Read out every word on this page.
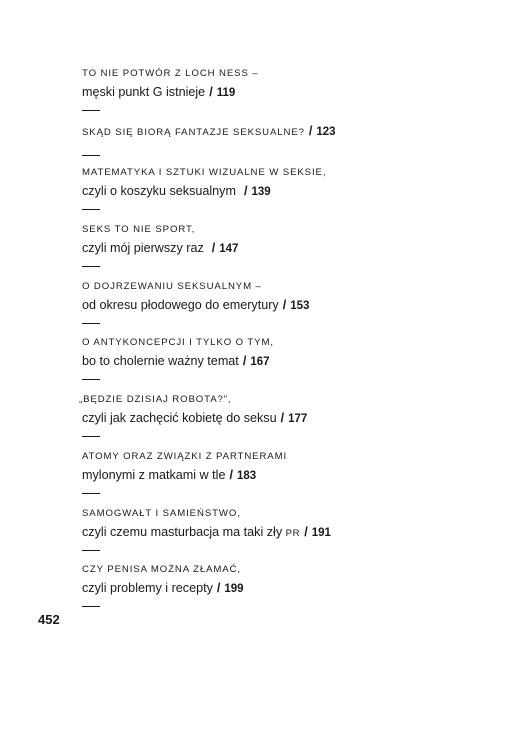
TO NIE POTWÓR Z LOCH NESS –
męski punkt G istnieje / 119
SKĄD SIĘ BIORĄ FANTAZJE SEKSUALNE? / 123
MATEMATYKA I SZTUKI WIZUALNE W SEKSIE,
czyli o koszyku seksualnym / 139
SEKS TO NIE SPORT,
czyli mój pierwszy raz / 147
O DOJRZEWANIU SEKSUALNYM –
od okresu płodowego do emerytury / 153
O ANTYKONCEPCJI I TYLKO O TYM,
bo to cholernie ważny temat / 167
„BĘDZIE DZISIAJ ROBOTA?”,
czyli jak zachęcić kobietę do seksu / 177
ATOMY ORAZ ZWIĄZKI Z PARTNERAMI
mylonymi z matkami w tle / 183
SAMOGWAŁT I SAMIEŃSTWO,
czyli czemu masturbacja ma taki zły PR / 191
CZY PENISA MOŻNA ZŁAMAĆ,
czyli problemy i recepty / 199
452
